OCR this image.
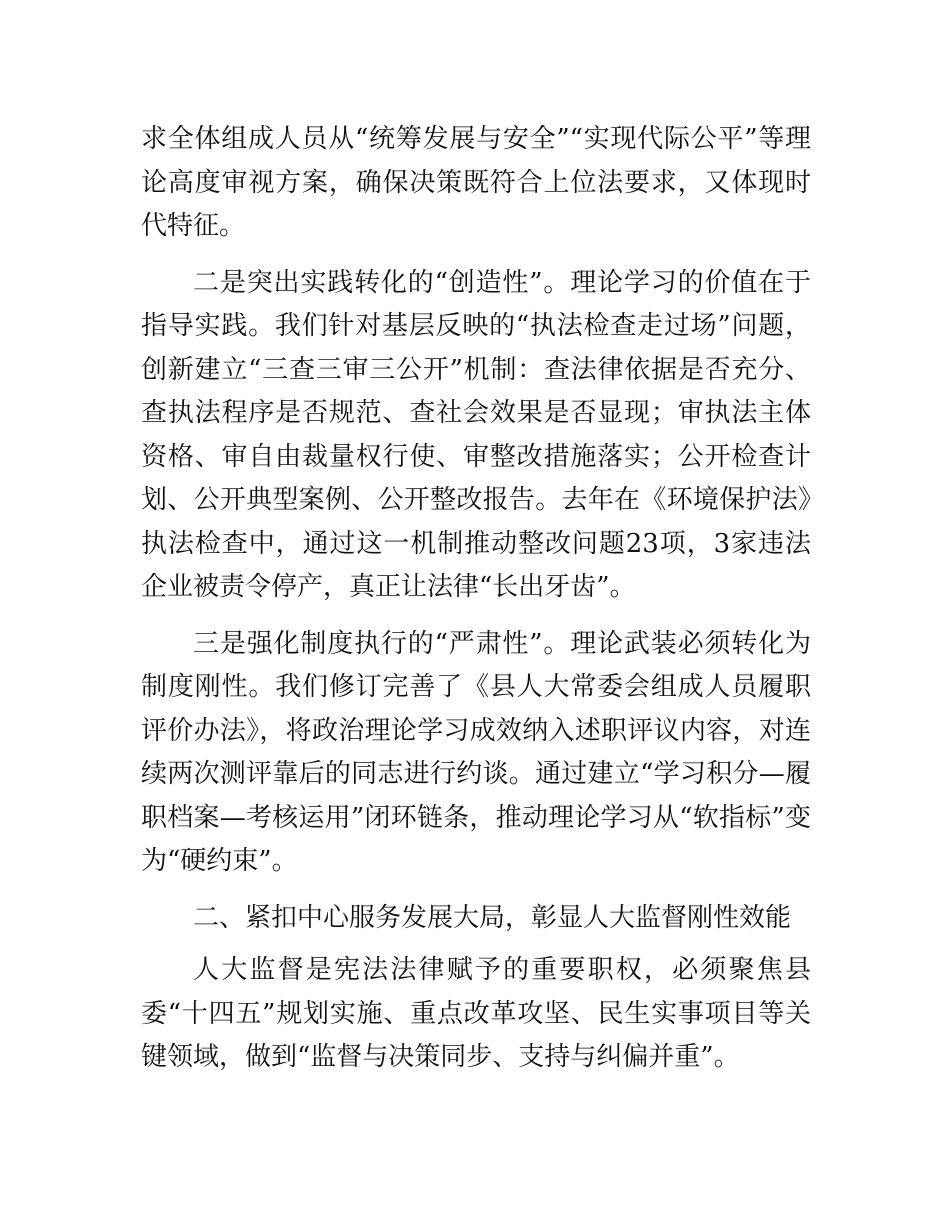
求全体组成人员从“统筹发展与安全”“实现代际公平”等理论高度审视方案，确保决策既符合上位法要求，又体现时代特征。

二是突出实践转化的“创造性”。理论学习的价值在于指导实践。我们针对基层反映的“执法检查走过场”问题，创新建立“三查三审三公开”机制：查法律依据是否充分、查执法程序是否规范、查社会效果是否显现；审执法主体资格、审自由裁量权行使、审整改措施落实；公开检查计划、公开典型案例、公开整改报告。去年在《环境保护法》执法检查中，通过这一机制推动整改问题23项，3家违法企业被责令停产，真正让法律“长出牙齿”。

三是强化制度执行的“严肃性”。理论武装必须转化为制度刚性。我们修订完善了《县人大常委会组成人员履职评价办法》，将政治理论学习成效纳入述职评议内容，对连续两次测评靠后的同志进行约谈。通过建立“学习积分—履职档案—考核运用”闭环链条，推动理论学习从“软指标”变为“硬约束”。

二、紧扣中心服务发展大局，彰显人大监督刚性效能

人大监督是宪法法律赋予的重要职权，必须聚焦县委“十四五”规划实施、重点改革攻坚、民生实事项目等关键领域，做到“监督与决策同步、支持与纠偏并重”。
